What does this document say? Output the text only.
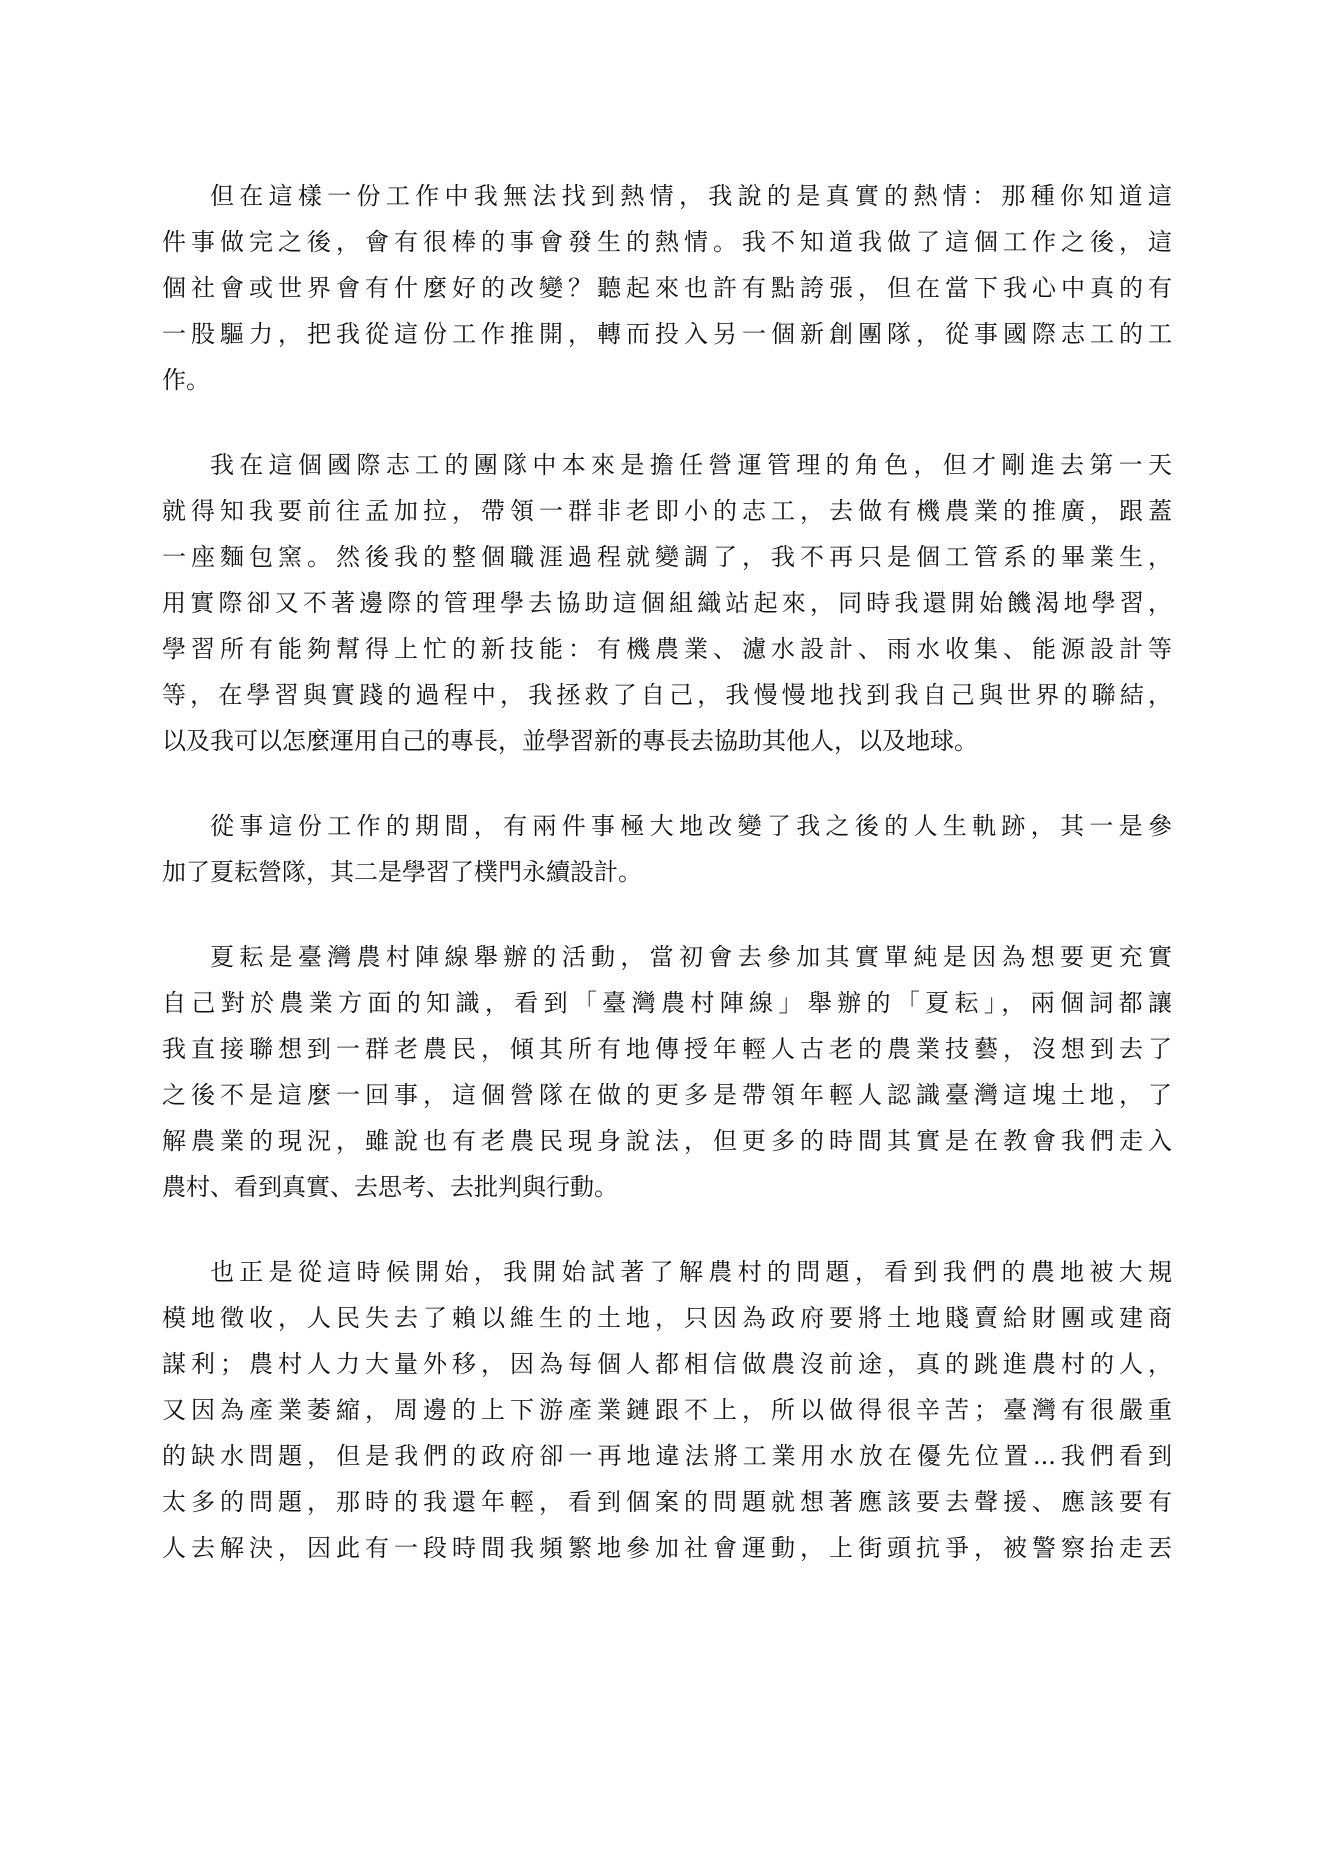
但在這樣一份工作中我無法找到熱情，我說的是真實的熱情：那種你知道這
件事做完之後，會有很棒的事會發生的熱情。我不知道我做了這個工作之後，這
個社會或世界會有什麼好的改變？聽起來也許有點誇張，但在當下我心中真的有
一股驅力，把我從這份工作推開，轉而投入另一個新創團隊，從事國際志工的工
作。
我在這個國際志工的團隊中本來是擔任營運管理的角色，但才剛進去第一天
就得知我要前往孟加拉，帶領一群非老即小的志工，去做有機農業的推廣，跟蓋
一座麵包窯。然後我的整個職涯過程就變調了，我不再只是個工管系的畢業生，
用實際卻又不著邊際的管理學去協助這個組織站起來，同時我還開始饑渴地學習，
學習所有能夠幫得上忙的新技能：有機農業、濾水設計、雨水收集、能源設計等
等，在學習與實踐的過程中，我拯救了自己，我慢慢地找到我自己與世界的聯結，
以及我可以怎麼運用自己的專長，並學習新的專長去協助其他人，以及地球。
從事這份工作的期間，有兩件事極大地改變了我之後的人生軌跡，其一是參
加了夏耘營隊，其二是學習了樸門永續設計。
夏耘是臺灣農村陣線舉辦的活動，當初會去參加其實單純是因為想要更充實
自己對於農業方面的知識，看到「臺灣農村陣線」舉辦的「夏耘」，兩個詞都讓
我直接聯想到一群老農民，傾其所有地傳授年輕人古老的農業技藝，沒想到去了
之後不是這麼一回事，這個營隊在做的更多是帶領年輕人認識臺灣這塊土地，了
解農業的現況，雖說也有老農民現身說法，但更多的時間其實是在教會我們走入
農村、看到真實、去思考、去批判與行動。
也正是從這時候開始，我開始試著了解農村的問題，看到我們的農地被大規
模地徵收，人民失去了賴以維生的土地，只因為政府要將土地賤賣給財團或建商
謀利；農村人力大量外移，因為每個人都相信做農沒前途，真的跳進農村的人，
又因為產業萎縮，周邊的上下游產業鏈跟不上，所以做得很辛苦；臺灣有很嚴重
的缺水問題，但是我們的政府卻一再地違法將工業用水放在優先位置...我們看到
太多的問題，那時的我還年輕，看到個案的問題就想著應該要去聲援、應該要有
人去解決，因此有一段時間我頻繁地參加社會運動，上街頭抗爭，被警察抬走丟
